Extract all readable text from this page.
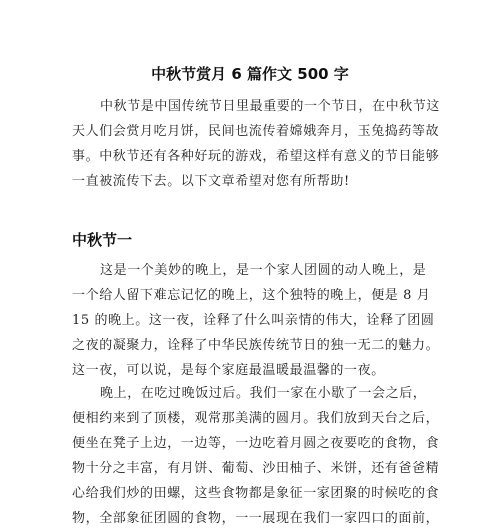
中秋节赏月 6 篇作文 500 字
中秋节是中国传统节日里最重要的一个节日，在中秋节这
天人们会赏月吃月饼，民间也流传着嫦娥奔月，玉兔捣药等故
事。中秋节还有各种好玩的游戏，希望这样有意义的节日能够
一直被流传下去。以下文章希望对您有所帮助!
中秋节一
这是一个美妙的晚上，是一个家人团圆的动人晚上，是
一个给人留下难忘记忆的晚上，这个独特的晚上，便是 8 月
15 的晚上。这一夜，诠释了什么叫亲情的伟大，诠释了团圆
之夜的凝聚力，诠释了中华民族传统节日的独一无二的魅力。
这一夜，可以说，是每个家庭最温暖最温馨的一夜。
晚上，在吃过晚饭过后。我们一家在小歇了一会之后，
便相约来到了顶楼，观常那美满的圆月。我们放到天台之后，
便坐在凳子上边，一边等，一边吃着月圆之夜要吃的食物，食
物十分之丰富，有月饼、葡萄、沙田柚子、米饼，还有爸爸精
心给我们炒的田螺，这些食物都是象征一家团聚的时候吃的食
物，全部象征团圆的食物，一一展现在我们一家四口的面前，
